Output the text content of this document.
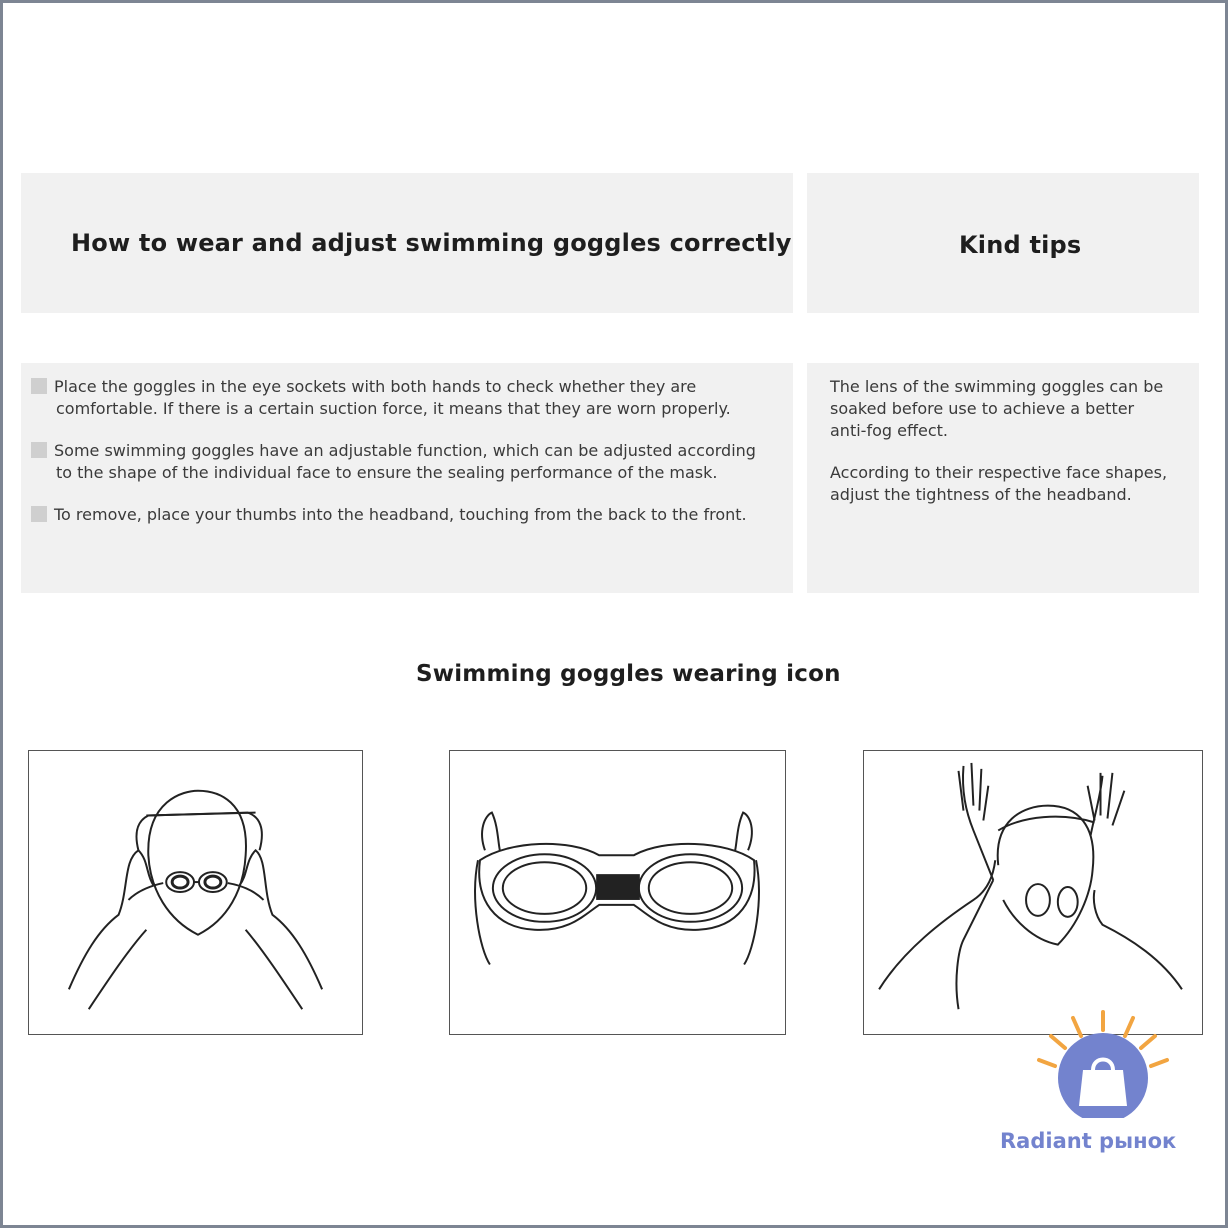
How to wear and adjust swimming goggles correctly	Kind tips
Place the goggles in the eye sockets with both hands to check whether they are
comfortable. If there is a certain suction force, it means that they are worn properly.
Some swimming goggles have an adjustable function, which can be adjusted according
to the shape of the individual face to ensure the sealing performance of the mask.
To remove, place your thumbs into the headband, touching from the back to the front.
The lens of the swimming goggles can be
soaked before use to achieve a better
anti-fog effect.
According to their respective face shapes,
adjust the tightness of the headband.
Swimming goggles wearing icon
Radiant рынок
